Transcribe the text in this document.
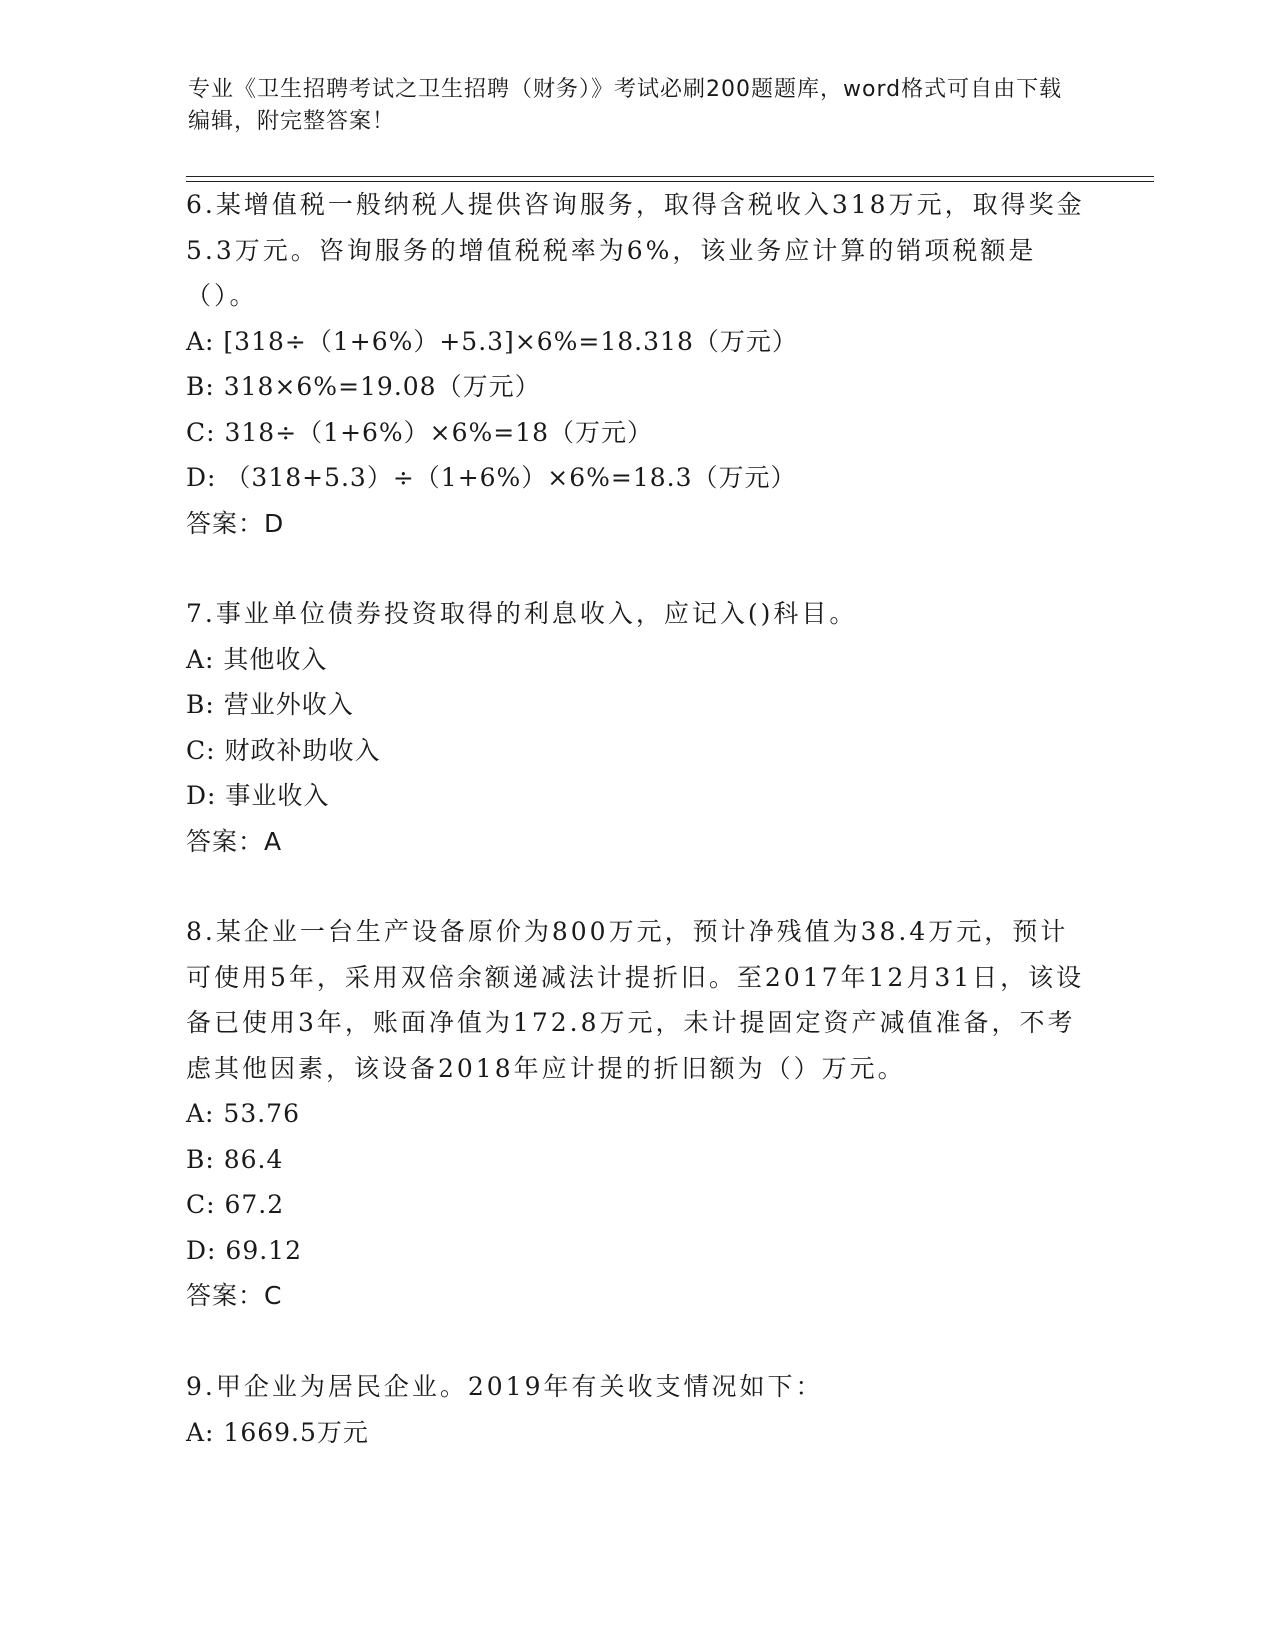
专业《卫生招聘考试之卫生招聘（财务）》考试必刷200题题库，word格式可自由下载编辑，附完整答案！

6.某增值税一般纳税人提供咨询服务，取得含税收入318万元，取得奖金5.3万元。咨询服务的增值税税率为6%，该业务应计算的销项税额是（）。

A: [318÷（1+6%）+5.3]×6%=18.318（万元）

B: 318×6%=19.08（万元）

C: 318÷（1+6%）×6%=18（万元）

D: （318+5.3）÷（1+6%）×6%=18.3（万元）

答案：D

7.事业单位债券投资取得的利息收入，应记入()科目。

A: 其他收入

B: 营业外收入

C: 财政补助收入

D: 事业收入

答案：A

8.某企业一台生产设备原价为800万元，预计净残值为38.4万元，预计可使用5年，采用双倍余额递减法计提折旧。至2017年12月31日，该设备已使用3年，账面净值为172.8万元，未计提固定资产减值准备，不考虑其他因素，该设备2018年应计提的折旧额为（）万元。

A: 53.76

B: 86.4

C: 67.2

D: 69.12

答案：C

9.甲企业为居民企业。2019年有关收支情况如下：

A: 1669.5万元
